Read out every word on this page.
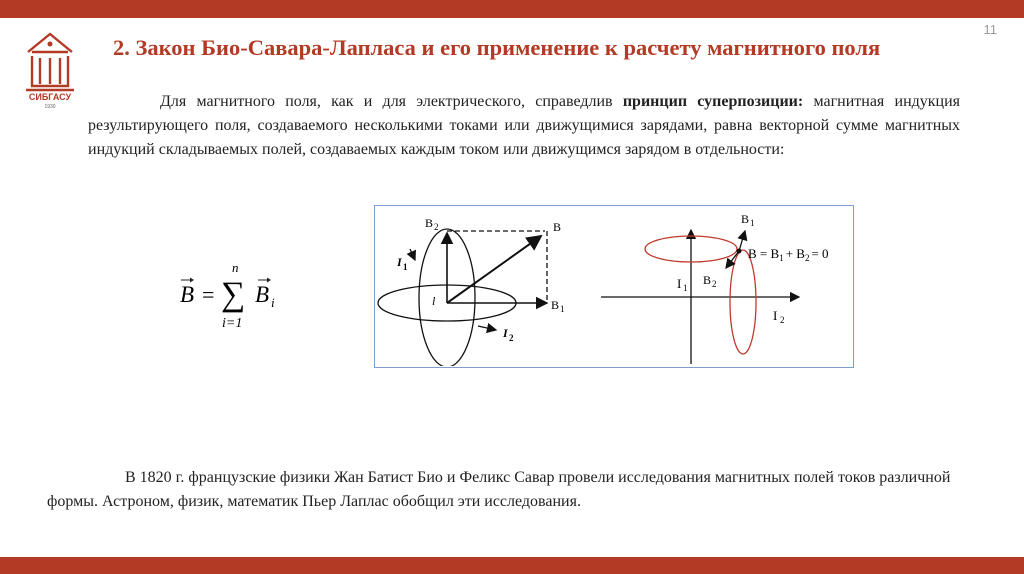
СИБГАСУ
1930
11
2. Закон Био-Савара-Лапласа и его применение к расчету магнитного поля

Для магнитного поля, как и для электрического, справедлив принцип суперпозиции: магнитная индукция результирующего поля, создаваемого несколькими токами или движущимися зарядами, равна векторной сумме магнитных индукций складываемых полей, создаваемых каждым током или движущимся зарядом в отдельности:

B =
n
∑ B i
i=1
B 2	B
B 1
I 1
I 2
l
B 1
$B = B_1 + B_2 = 0$
I 1
B 2
I 2

В 1820 г. французские физики Жан Батист Био и Феликс Савар провели исследования магнитных полей токов различной формы. Астроном, физик, математик Пьер Лаплас обобщил эти исследования.
